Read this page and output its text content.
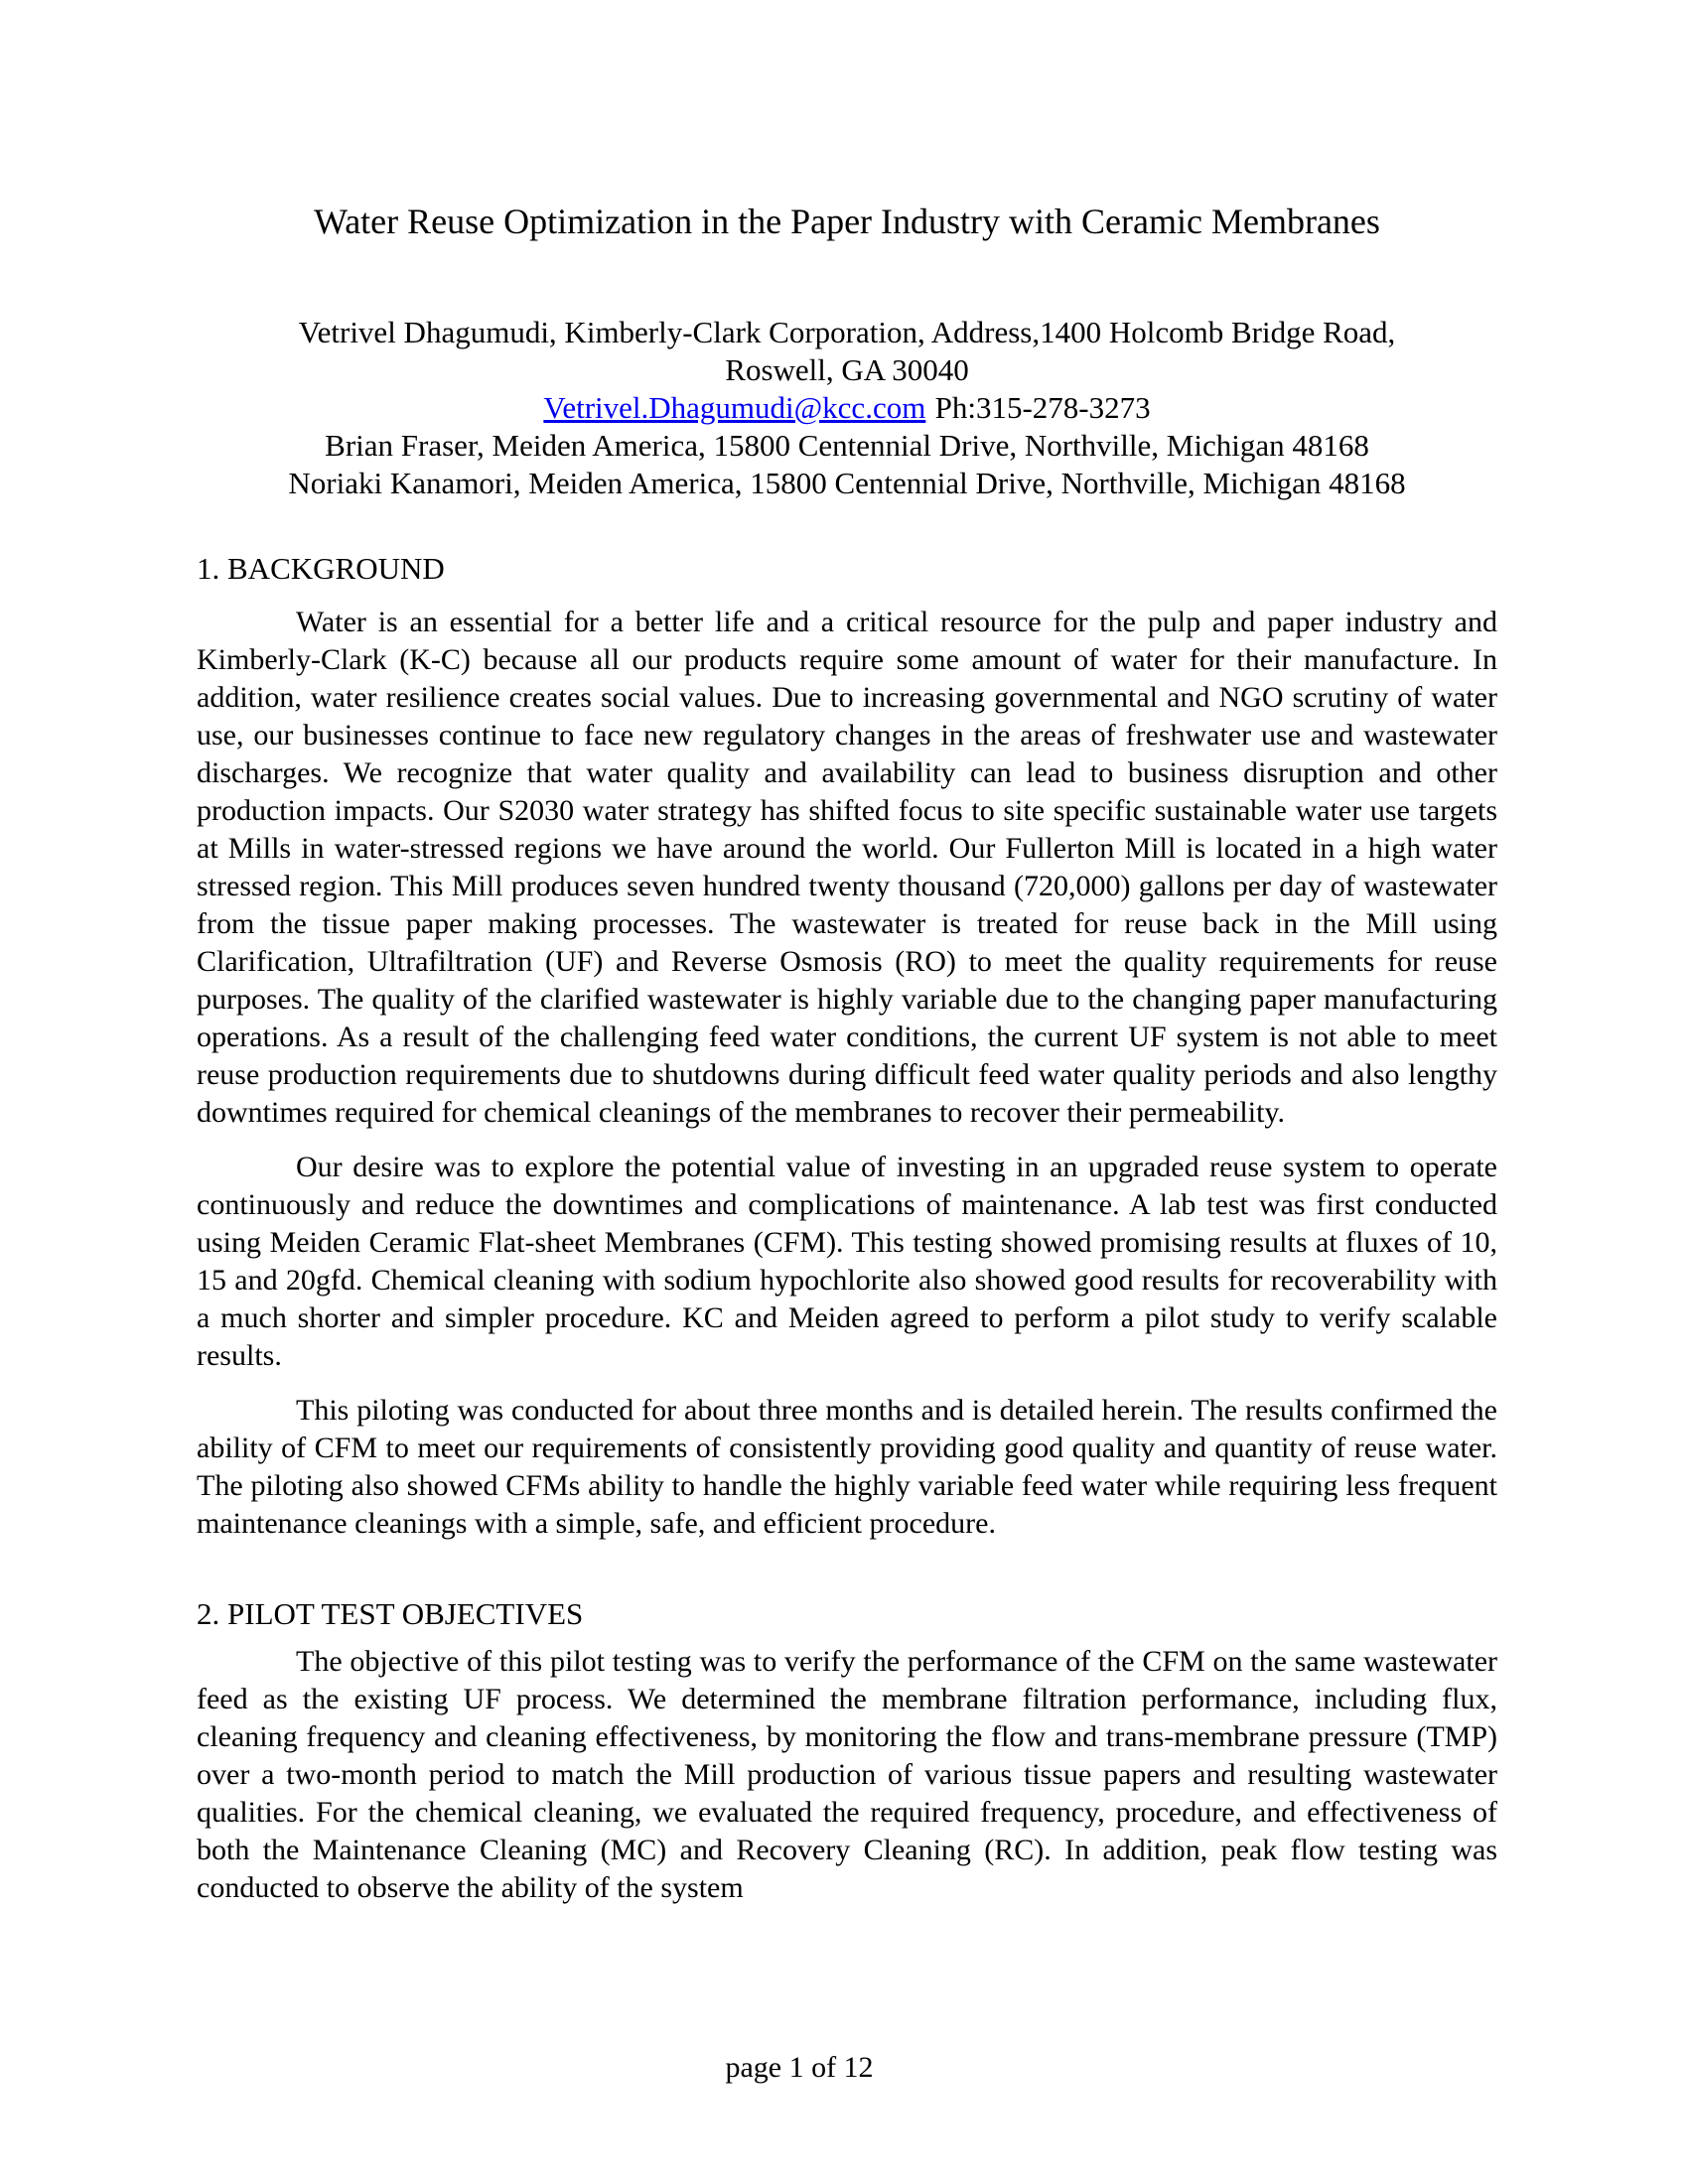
Water Reuse Optimization in the Paper Industry with Ceramic Membranes
Vetrivel Dhagumudi, Kimberly-Clark Corporation, Address,1400 Holcomb Bridge Road,
Roswell, GA 30040
Vetrivel.Dhagumudi@kcc.com Ph:315-278-3273
Brian Fraser, Meiden America, 15800 Centennial Drive, Northville, Michigan 48168
Noriaki Kanamori, Meiden America, 15800 Centennial Drive, Northville, Michigan 48168
1. BACKGROUND

Water is an essential for a better life and a critical resource for the pulp and paper industry and Kimberly-Clark (K-C) because all our products require some amount of water for their manufacture. In addition, water resilience creates social values. Due to increasing governmental and NGO scrutiny of water use, our businesses continue to face new regulatory changes in the areas of freshwater use and wastewater discharges. We recognize that water quality and availability can lead to business disruption and other production impacts. Our S2030 water strategy has shifted focus to site specific sustainable water use targets at Mills in water-stressed regions we have around the world. Our Fullerton Mill is located in a high water stressed region. This Mill produces seven hundred twenty thousand (720,000) gallons per day of wastewater from the tissue paper making processes. The wastewater is treated for reuse back in the Mill using Clarification, Ultrafiltration (UF) and Reverse Osmosis (RO) to meet the quality requirements for reuse purposes. The quality of the clarified wastewater is highly variable due to the changing paper manufacturing operations. As a result of the challenging feed water conditions, the current UF system is not able to meet reuse production requirements due to shutdowns during difficult feed water quality periods and also lengthy downtimes required for chemical cleanings of the membranes to recover their permeability.

Our desire was to explore the potential value of investing in an upgraded reuse system to operate continuously and reduce the downtimes and complications of maintenance. A lab test was first conducted using Meiden Ceramic Flat-sheet Membranes (CFM). This testing showed promising results at fluxes of 10, 15 and 20gfd. Chemical cleaning with sodium hypochlorite also showed good results for recoverability with a much shorter and simpler procedure. KC and Meiden agreed to perform a pilot study to verify scalable results.

This piloting was conducted for about three months and is detailed herein. The results confirmed the ability of CFM to meet our requirements of consistently providing good quality and quantity of reuse water. The piloting also showed CFMs ability to handle the highly variable feed water while requiring less frequent maintenance cleanings with a simple, safe, and efficient procedure.

2. PILOT TEST OBJECTIVES

The objective of this pilot testing was to verify the performance of the CFM on the same wastewater feed as the existing UF process. We determined the membrane filtration performance, including flux, cleaning frequency and cleaning effectiveness, by monitoring the flow and trans-membrane pressure (TMP) over a two-month period to match the Mill production of various tissue papers and resulting wastewater qualities. For the chemical cleaning, we evaluated the required frequency, procedure, and effectiveness of both the Maintenance Cleaning (MC) and Recovery Cleaning (RC). In addition, peak flow testing was conducted to observe the ability of the system

page 1 of 12
